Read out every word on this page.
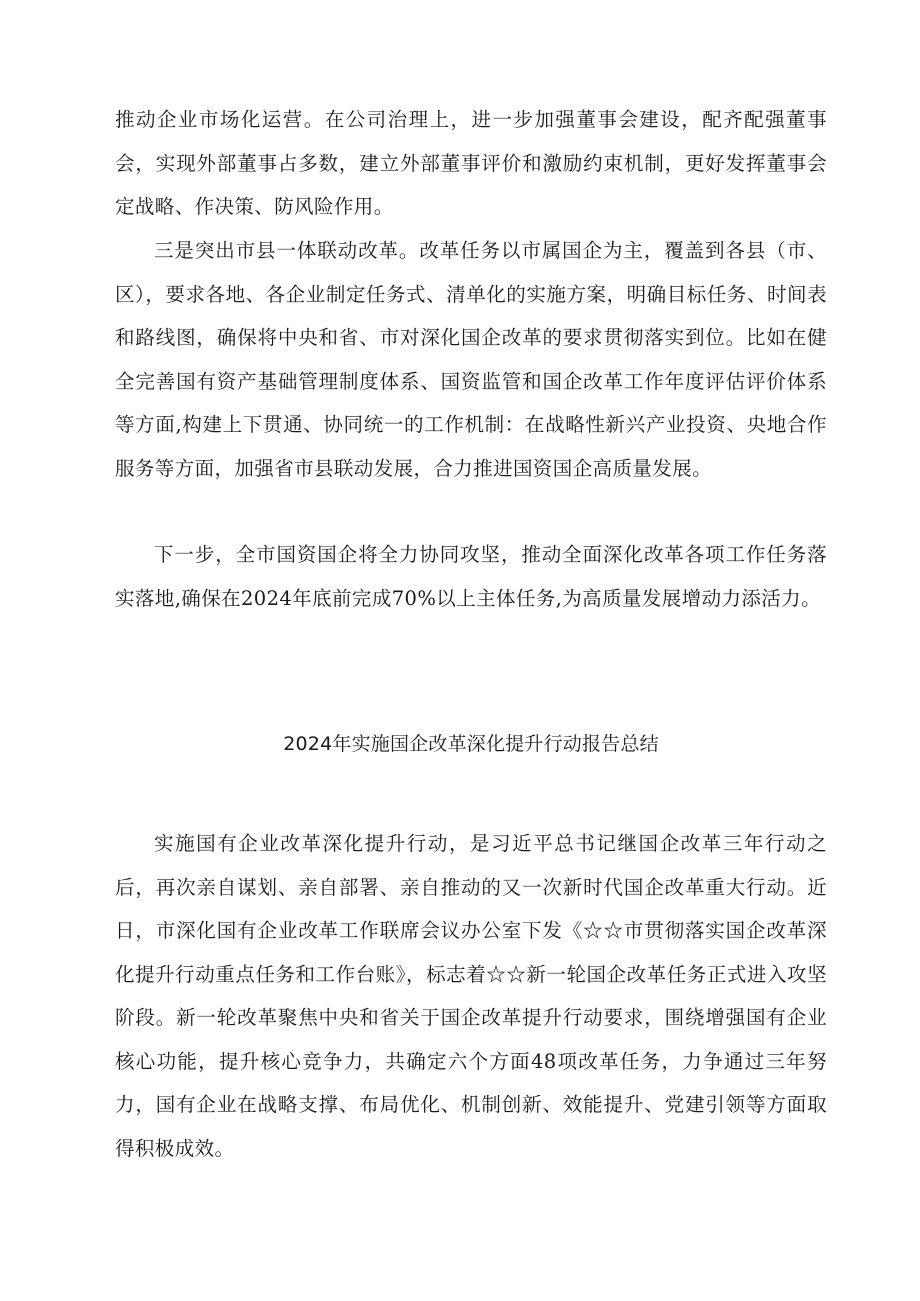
推动企业市场化运营。在公司治理上，进一步加强董事会建设，配齐配强董事会，实现外部董事占多数，建立外部董事评价和激励约束机制，更好发挥董事会定战略、作决策、防风险作用。

三是突出市县一体联动改革。改革任务以市属国企为主，覆盖到各县（市、区），要求各地、各企业制定任务式、清单化的实施方案，明确目标任务、时间表和路线图，确保将中央和省、市对深化国企改革的要求贯彻落实到位。比如在健全完善国有资产基础管理制度体系、国资监管和国企改革工作年度评估评价体系等方面,构建上下贯通、协同统一的工作机制：在战略性新兴产业投资、央地合作服务等方面，加强省市县联动发展，合力推进国资国企高质量发展。

下一步，全市国资国企将全力协同攻坚，推动全面深化改革各项工作任务落实落地,确保在2024年底前完成70%以上主体任务,为高质量发展增动力添活力。

2024年实施国企改革深化提升行动报告总结

实施国有企业改革深化提升行动，是习近平总书记继国企改革三年行动之后，再次亲自谋划、亲自部署、亲自推动的又一次新时代国企改革重大行动。近日，市深化国有企业改革工作联席会议办公室下发《☆☆市贯彻落实国企改革深化提升行动重点任务和工作台账》，标志着☆☆新一轮国企改革任务正式进入攻坚阶段。新一轮改革聚焦中央和省关于国企改革提升行动要求，围绕增强国有企业核心功能，提升核心竞争力，共确定六个方面48项改革任务，力争通过三年努力，国有企业在战略支撑、布局优化、机制创新、效能提升、党建引领等方面取得积极成效。
